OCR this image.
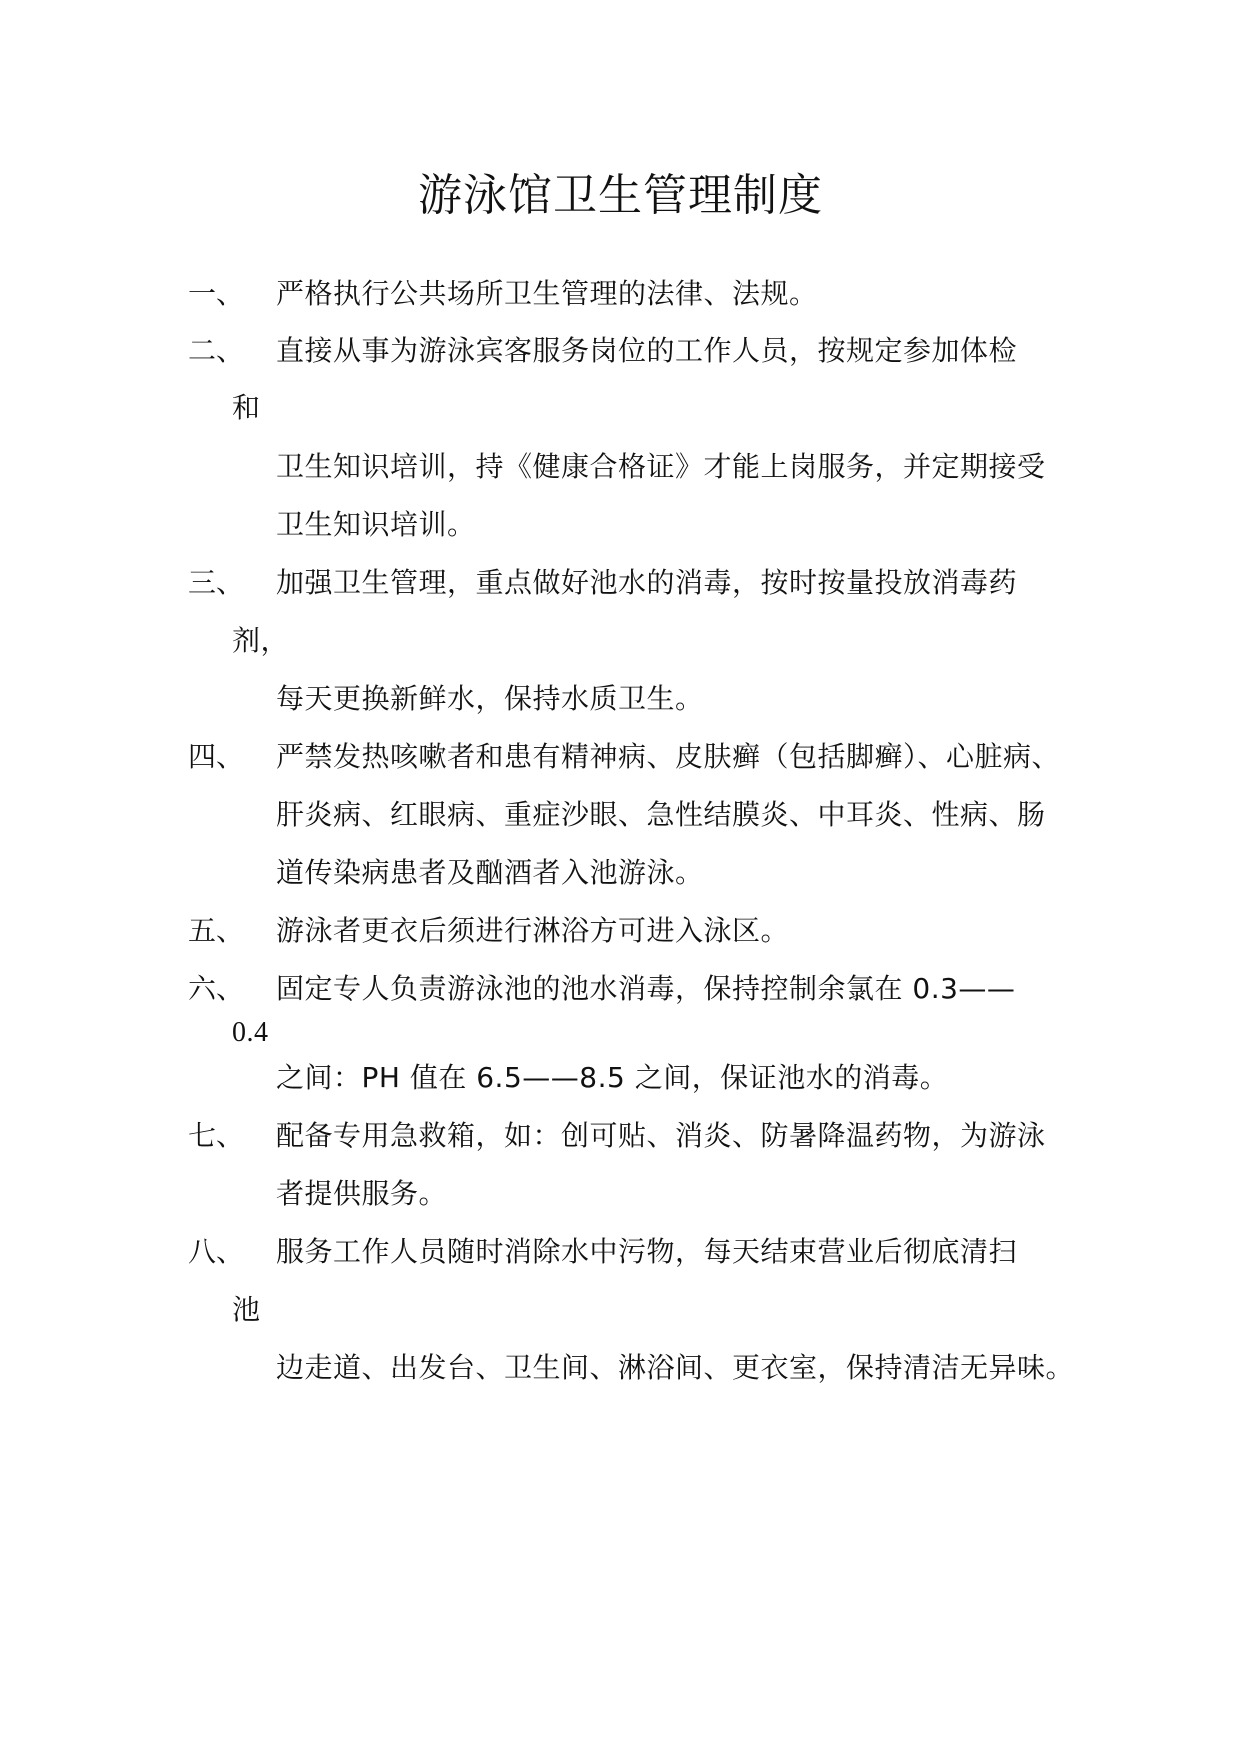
游泳馆卫生管理制度
一、 严格执行公共场所卫生管理的法律、法规。
二、 直接从事为游泳宾客服务岗位的工作人员，按规定参加体检
和
卫生知识培训，持《健康合格证》才能上岗服务，并定期接受
卫生知识培训。
三、 加强卫生管理，重点做好池水的消毒，按时按量投放消毒药
剂，
每天更换新鲜水，保持水质卫生。
四、 严禁发热咳嗽者和患有精神病、皮肤癣（包括脚癣）、心脏病、
肝炎病、红眼病、重症沙眼、急性结膜炎、中耳炎、性病、肠
道传染病患者及酗酒者入池游泳。
五、 游泳者更衣后须进行淋浴方可进入泳区。
六、 固定专人负责游泳池的池水消毒，保持控制余氯在 0.3——
0.4
之间：PH 值在 6.5——8.5 之间，保证池水的消毒。
七、 配备专用急救箱，如：创可贴、消炎、防暑降温药物，为游泳
者提供服务。
八、 服务工作人员随时消除水中污物，每天结束营业后彻底清扫
池
边走道、出发台、卫生间、淋浴间、更衣室，保持清洁无异味。
